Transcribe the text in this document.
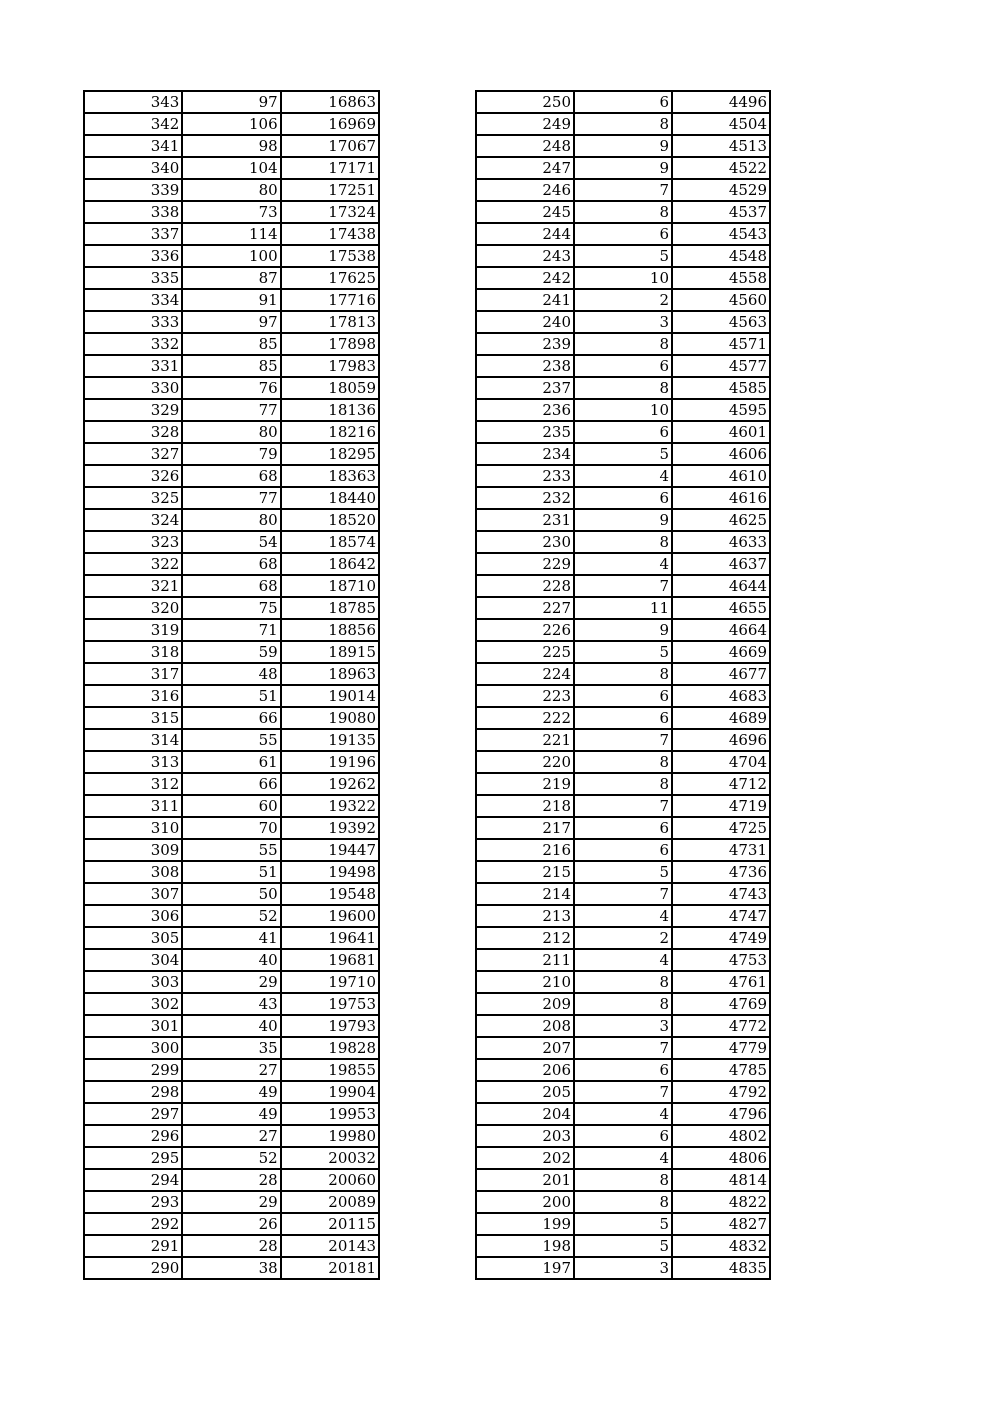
343	97	16863
342	106	16969
341	98	17067
340	104	17171
339	80	17251
338	73	17324
337	114	17438
336	100	17538
335	87	17625
334	91	17716
333	97	17813
332	85	17898
331	85	17983
330	76	18059
329	77	18136
328	80	18216
327	79	18295
326	68	18363
325	77	18440
324	80	18520
323	54	18574
322	68	18642
321	68	18710
320	75	18785
319	71	18856
318	59	18915
317	48	18963
316	51	19014
315	66	19080
314	55	19135
313	61	19196
312	66	19262
311	60	19322
310	70	19392
309	55	19447
308	51	19498
307	50	19548
306	52	19600
305	41	19641
304	40	19681
303	29	19710
302	43	19753
301	40	19793
300	35	19828
299	27	19855
298	49	19904
297	49	19953
296	27	19980
295	52	20032
294	28	20060
293	29	20089
292	26	20115
291	28	20143
290	38	20181
250	6	4496
249	8	4504
248	9	4513
247	9	4522
246	7	4529
245	8	4537
244	6	4543
243	5	4548
242	10	4558
241	2	4560
240	3	4563
239	8	4571
238	6	4577
237	8	4585
236	10	4595
235	6	4601
234	5	4606
233	4	4610
232	6	4616
231	9	4625
230	8	4633
229	4	4637
228	7	4644
227	11	4655
226	9	4664
225	5	4669
224	8	4677
223	6	4683
222	6	4689
221	7	4696
220	8	4704
219	8	4712
218	7	4719
217	6	4725
216	6	4731
215	5	4736
214	7	4743
213	4	4747
212	2	4749
211	4	4753
210	8	4761
209	8	4769
208	3	4772
207	7	4779
206	6	4785
205	7	4792
204	4	4796
203	6	4802
202	4	4806
201	8	4814
200	8	4822
199	5	4827
198	5	4832
197	3	4835
